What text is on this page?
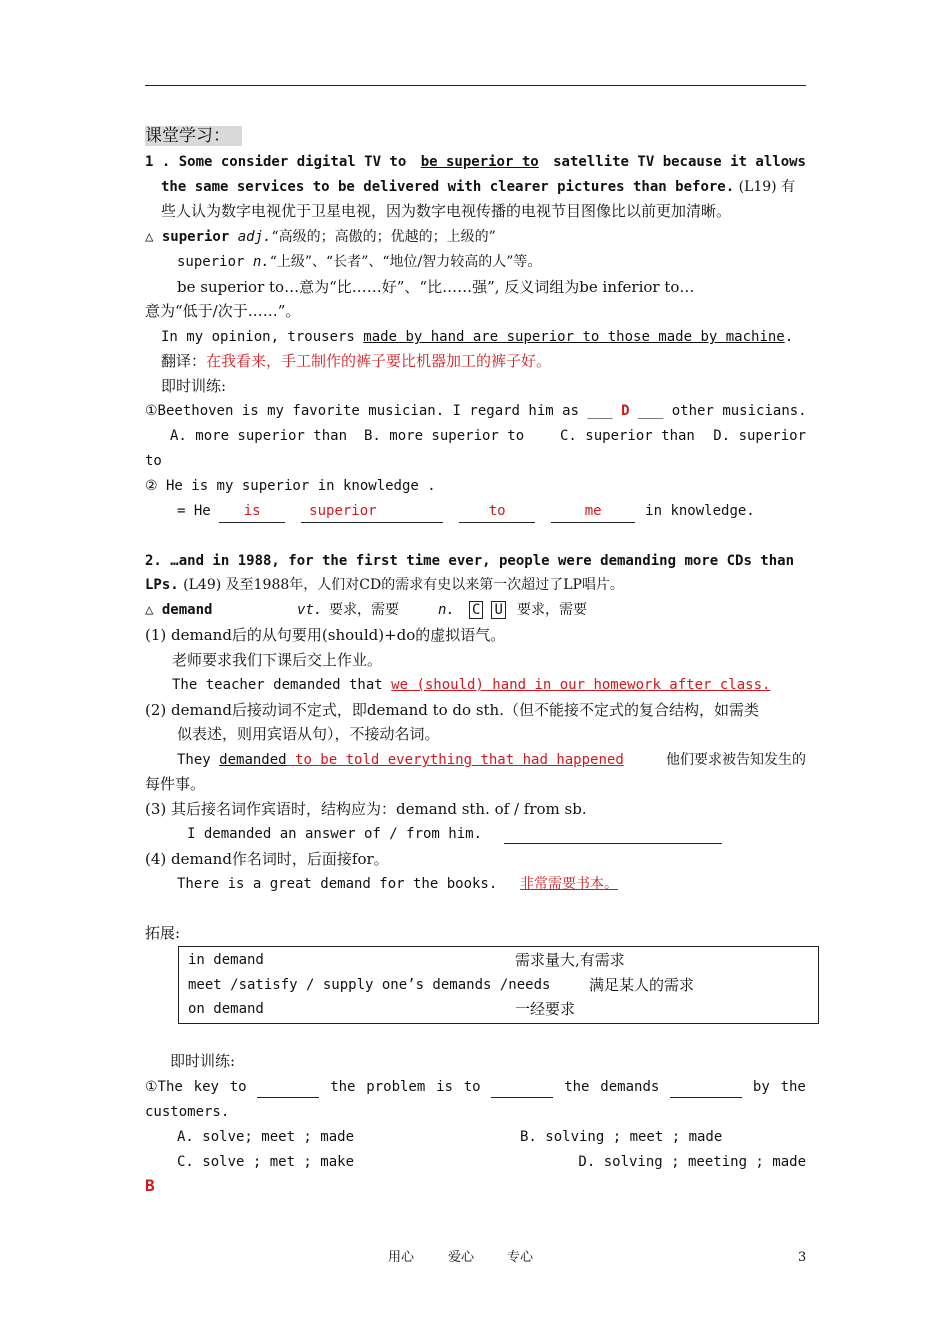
课堂学习：
1 . Some consider digital TV to be superior to satellite TV because it allows
the same services to be delivered with clearer pictures than before. (L19) 有
些人认为数字电视优于卫星电视，因为数字电视传播的电视节目图像比以前更加清晰。
△ superior adj.“高级的；高傲的；优越的；上级的”
superior n.“上级”、“长者”、“地位/智力较高的人”等。
be superior to…意为“比……好”、“比……强”, 反义词组为be inferior to…
意为“低于/次于……”。
In my opinion, trousers made by hand are superior to those made by machine.
翻译：在我看来，手工制作的裤子要比机器加工的裤子好。
即时训练:
①Beethoven is my favorite musician. I regard him as ___ D ___ other musicians.
A. more superior than B. more superior to	C. superior than D. superior
to
② He is my superior in knowledge .
= He is	superior	to	me	in knowledge.
2. …and in 1988, for the first time ever, people were demanding more CDs than
LPs. (L49) 及至1988年，人们对CD的需求有史以来第一次超过了LP唱片。
△ demand	vt. 要求，需要	n.	C U	要求，需要
(1) demand后的从句要用(should)+do的虚拟语气。
老师要求我们下课后交上作业。
The teacher demanded that we (should) hand in our homework after class.
(2) demand后接动词不定式，即demand to do sth.（但不能接不定式的复合结构，如需类
似表述，则用宾语从句），不接动名词。
They demanded to be told everything that had happened	他们要求被告知发生的
每件事。
(3) 其后接名词作宾语时，结构应为：demand sth. of / from sb.
I demanded an answer of / from him.
(4) demand作名词时，后面接for。
There is a great demand for the books. 非常需要书本。
拓展:
in demand	需求量大,有需求
meet /satisfy / supply one’s demands /needs	满足某人的需求
on demand	一经要求
即时训练:
①The key to	the problem is to	the demands	by the
customers.
A. solve; meet ; made	B. solving ; meet ; made
C. solve ; met ; make	D. solving ; meeting ; made
B
用心	爱心	专心	3
